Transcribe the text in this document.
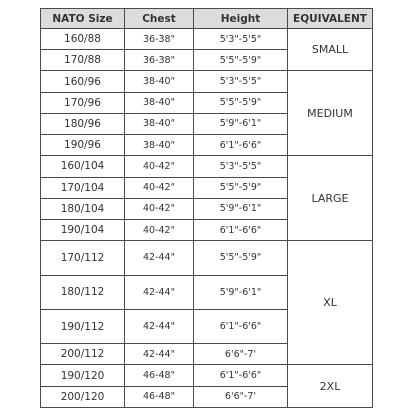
NATO Size	Chest	Height	EQUIVALENT
160/88	36-38"	5'3"-5'5"	SMALL
170/88	36-38"	5'5"-5'9"	
160/96	38-40"	5'3"-5'5"	MEDIUM
170/96	38-40"	5'5"-5'9"	
180/96	38-40"	5'9"-6'1"	
190/96	38-40"	6'1"-6'6"	
160/104	40-42"	5'3"-5'5"	LARGE
170/104	40-42"	5'5"-5'9"	
180/104	40-42"	5'9"-6'1"	
190/104	40-42"	6'1"-6'6"	
170/112	42-44"	5'5"-5'9"	XL
180/112	42-44"	5'9"-6'1"	
190/112	42-44"	6'1"-6'6"	
200/112	42-44"	6'6"-7'	
190/120	46-48"	6'1"-6'6"	2XL
200/120	46-48"	6'6"-7'	
